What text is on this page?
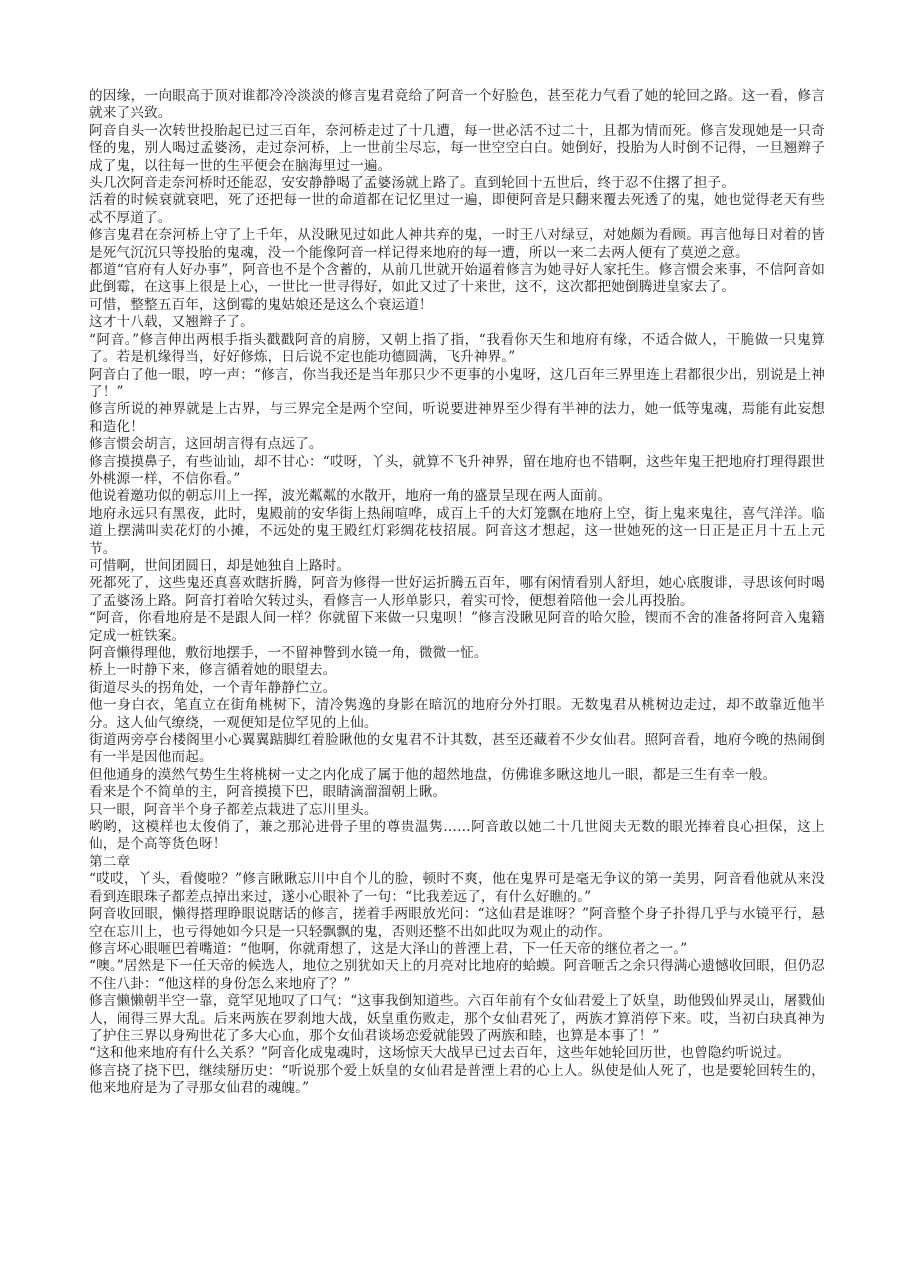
的因缘，一向眼高于顶对谁都冷冷淡淡的修言鬼君竟给了阿音一个好脸色，甚至花力气看了她的轮回之路。这一看，修言就来了兴致。

阿音自头一次转世投胎起已过三百年，奈河桥走过了十几遭，每一世必活不过二十，且都为情而死。修言发现她是一只奇怪的鬼，别人喝过孟婆汤，走过奈河桥，上一世前尘尽忘，每一世空空白白。她倒好，投胎为人时倒不记得，一旦翘辫子成了鬼，以往每一世的生平便会在脑海里过一遍。

头几次阿音走奈河桥时还能忍，安安静静喝了孟婆汤就上路了。直到轮回十五世后，终于忍不住撂了担子。

活着的时候衰就衰吧，死了还把每一世的命道都在记忆里过一遍，即便阿音是只翻来覆去死透了的鬼，她也觉得老天有些忒不厚道了。

修言鬼君在奈河桥上守了上千年，从没瞅见过如此人神共弃的鬼，一时王八对绿豆，对她颇为看顾。再言他每日对着的皆是死气沉沉只等投胎的鬼魂，没一个能像阿音一样记得来地府的每一遭，所以一来二去两人便有了莫逆之意。

都道“官府有人好办事”，阿音也不是个含蓄的，从前几世就开始逼着修言为她寻好人家托生。修言惯会来事，不信阿音如此倒霉，在这事上很是上心，一世比一世寻得好，如此又过了十来世，这不，这次都把她倒腾进皇家去了。

可惜，整整五百年，这倒霉的鬼姑娘还是这么个衰运道！

这才十八载，又翘辫子了。

“阿音。”修言伸出两根手指头戳戳阿音的肩膀，又朝上指了指，“我看你天生和地府有缘，不适合做人，干脆做一只鬼算了。若是机缘得当，好好修炼，日后说不定也能功德圆满，飞升神界。”

阿音白了他一眼，哼一声：“修言，你当我还是当年那只少不更事的小鬼呀，这几百年三界里连上君都很少出，别说是上神了！”

修言所说的神界就是上古界，与三界完全是两个空间，听说要进神界至少得有半神的法力，她一低等鬼魂，焉能有此妄想和造化！

修言惯会胡言，这回胡言得有点远了。

修言摸摸鼻子，有些讪讪，却不甘心：“哎呀，丫头，就算不飞升神界，留在地府也不错啊，这些年鬼王把地府打理得跟世外桃源一样，不信你看。”

他说着邀功似的朝忘川上一挥，波光粼粼的水散开，地府一角的盛景呈现在两人面前。

地府永远只有黑夜，此时，鬼殿前的安华街上热闹喧哗，成百上千的大灯笼飘在地府上空，街上鬼来鬼往，喜气洋洋。临道上摆满叫卖花灯的小摊，不远处的鬼王殿红灯彩绸花枝招展。阿音这才想起，这一世她死的这一日正是正月十五上元节。

可惜啊，世间团圆日，却是她独自上路时。

死都死了，这些鬼还真喜欢瞎折腾，阿音为修得一世好运折腾五百年，哪有闲情看别人舒坦，她心底腹诽，寻思该何时喝了孟婆汤上路。阿音打着哈欠转过头，看修言一人形单影只，着实可怜，便想着陪他一会儿再投胎。

“阿音，你看地府是不是跟人间一样？你就留下来做一只鬼呗！”修言没瞅见阿音的哈欠脸，锲而不舍的准备将阿音入鬼籍定成一桩铁案。

阿音懒得理他，敷衍地摆手，一不留神瞥到水镜一角，微微一怔。

桥上一时静下来，修言循着她的眼望去。

街道尽头的拐角处，一个青年静静伫立。

他一身白衣，笔直立在街角桃树下，清冷隽逸的身影在暗沉的地府分外打眼。无数鬼君从桃树边走过，却不敢靠近他半分。这人仙气缭绕，一观便知是位罕见的上仙。

街道两旁亭台楼阁里小心翼翼踮脚红着脸瞅他的女鬼君不计其数，甚至还藏着不少女仙君。照阿音看，地府今晚的热闹倒有一半是因他而起。

但他通身的漠然气势生生将桃树一丈之内化成了属于他的超然地盘，仿佛谁多瞅这地儿一眼，都是三生有幸一般。

看来是个不简单的主，阿音摸摸下巴，眼睛滴溜溜朝上瞅。

只一眼，阿音半个身子都差点栽进了忘川里头。

哟哟，这模样也太俊俏了，兼之那沁进骨子里的尊贵温隽……阿音敢以她二十几世阅夫无数的眼光捧着良心担保，这上仙，是个高等货色呀！

第二章

“哎哎，丫头，看傻啦？”修言瞅瞅忘川中自个儿的脸，顿时不爽，他在鬼界可是毫无争议的第一美男，阿音看他就从来没看到连眼珠子都差点掉出来过，遂小心眼补了一句：“比我差远了，有什么好瞧的。”

阿音收回眼，懒得搭理睁眼说瞎话的修言，搓着手两眼放光问：“这仙君是谁呀？”阿音整个身子扑得几乎与水镜平行，悬空在忘川上，也亏得她如今只是一只轻飘飘的鬼，否则还整不出如此叹为观止的动作。

修言坏心眼咂巴着嘴道：“他啊，你就甭想了，这是大泽山的普湮上君，下一任天帝的继位者之一。”

“噢。”居然是下一任天帝的候选人，地位之别犹如天上的月亮对比地府的蛤蟆。阿音咂舌之余只得满心遗憾收回眼，但仍忍不住八卦：“他这样的身份怎么来地府了？”

修言懒懒朝半空一靠，竟罕见地叹了口气：“这事我倒知道些。六百年前有个女仙君爱上了妖皇，助他毁仙界灵山，屠戮仙人，闹得三界大乱。后来两族在罗刹地大战，妖皇重伤败走，那个女仙君死了，两族才算消停下来。哎，当初白玦真神为了护住三界以身殉世花了多大心血，那个女仙君谈场恋爱就能毁了两族和睦，也算是本事了！”

“这和他来地府有什么关系？”阿音化成鬼魂时，这场惊天大战早已过去百年，这些年她轮回历世，也曾隐约听说过。

修言挠了挠下巴，继续掰历史：“听说那个爱上妖皇的女仙君是普湮上君的心上人。纵使是仙人死了，也是要轮回转生的，他来地府是为了寻那女仙君的魂魄。”
